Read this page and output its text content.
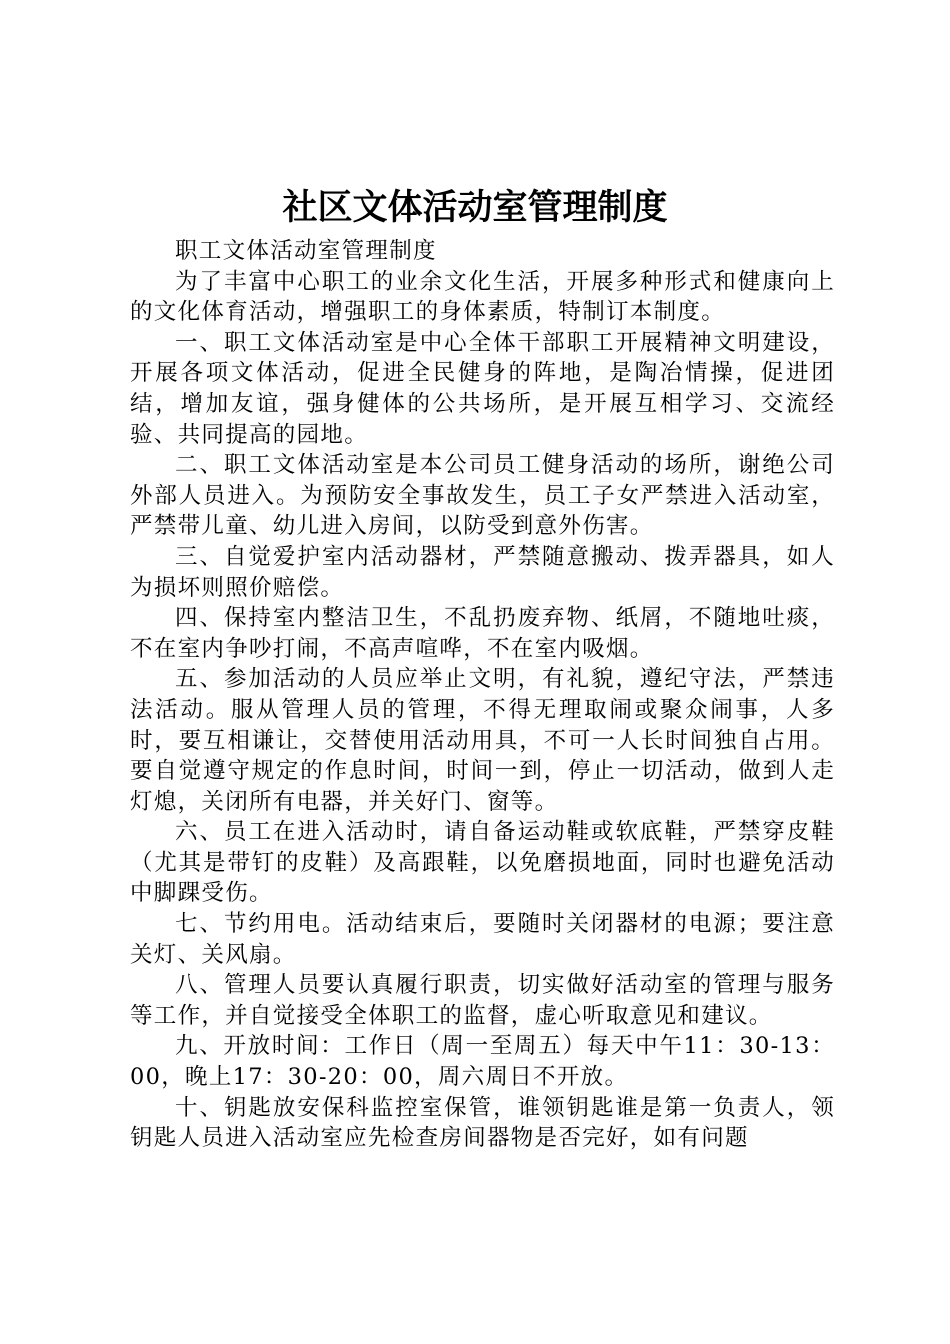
社区文体活动室管理制度

职工文体活动室管理制度

为了丰富中心职工的业余文化生活，开展多种形式和健康向上的文化体育活动，增强职工的身体素质，特制订本制度。

一、职工文体活动室是中心全体干部职工开展精神文明建设，开展各项文体活动，促进全民健身的阵地，是陶冶情操，促进团结，增加友谊，强身健体的公共场所，是开展互相学习、交流经验、共同提高的园地。

二、职工文体活动室是本公司员工健身活动的场所，谢绝公司外部人员进入。为预防安全事故发生，员工子女严禁进入活动室，严禁带儿童、幼儿进入房间，以防受到意外伤害。

三、自觉爱护室内活动器材，严禁随意搬动、拨弄器具，如人为损坏则照价赔偿。

四、保持室内整洁卫生，不乱扔废弃物、纸屑，不随地吐痰，不在室内争吵打闹，不高声喧哗，不在室内吸烟。

五、参加活动的人员应举止文明，有礼貌，遵纪守法，严禁违法活动。服从管理人员的管理，不得无理取闹或聚众闹事，人多时，要互相谦让，交替使用活动用具，不可一人长时间独自占用。要自觉遵守规定的作息时间，时间一到，停止一切活动，做到人走灯熄，关闭所有电器，并关好门、窗等。

六、员工在进入活动时，请自备运动鞋或软底鞋，严禁穿皮鞋（尤其是带钉的皮鞋）及高跟鞋，以免磨损地面，同时也避免活动中脚踝受伤。

七、节约用电。活动结束后，要随时关闭器材的电源；要注意关灯、关风扇。

八、管理人员要认真履行职责，切实做好活动室的管理与服务等工作，并自觉接受全体职工的监督，虚心听取意见和建议。

九、开放时间：工作日（周一至周五）每天中午11：30-13：00，晚上17：30-20：00，周六周日不开放。

十、钥匙放安保科监控室保管，谁领钥匙谁是第一负责人，领钥匙人员进入活动室应先检查房间器物是否完好，如有问题
